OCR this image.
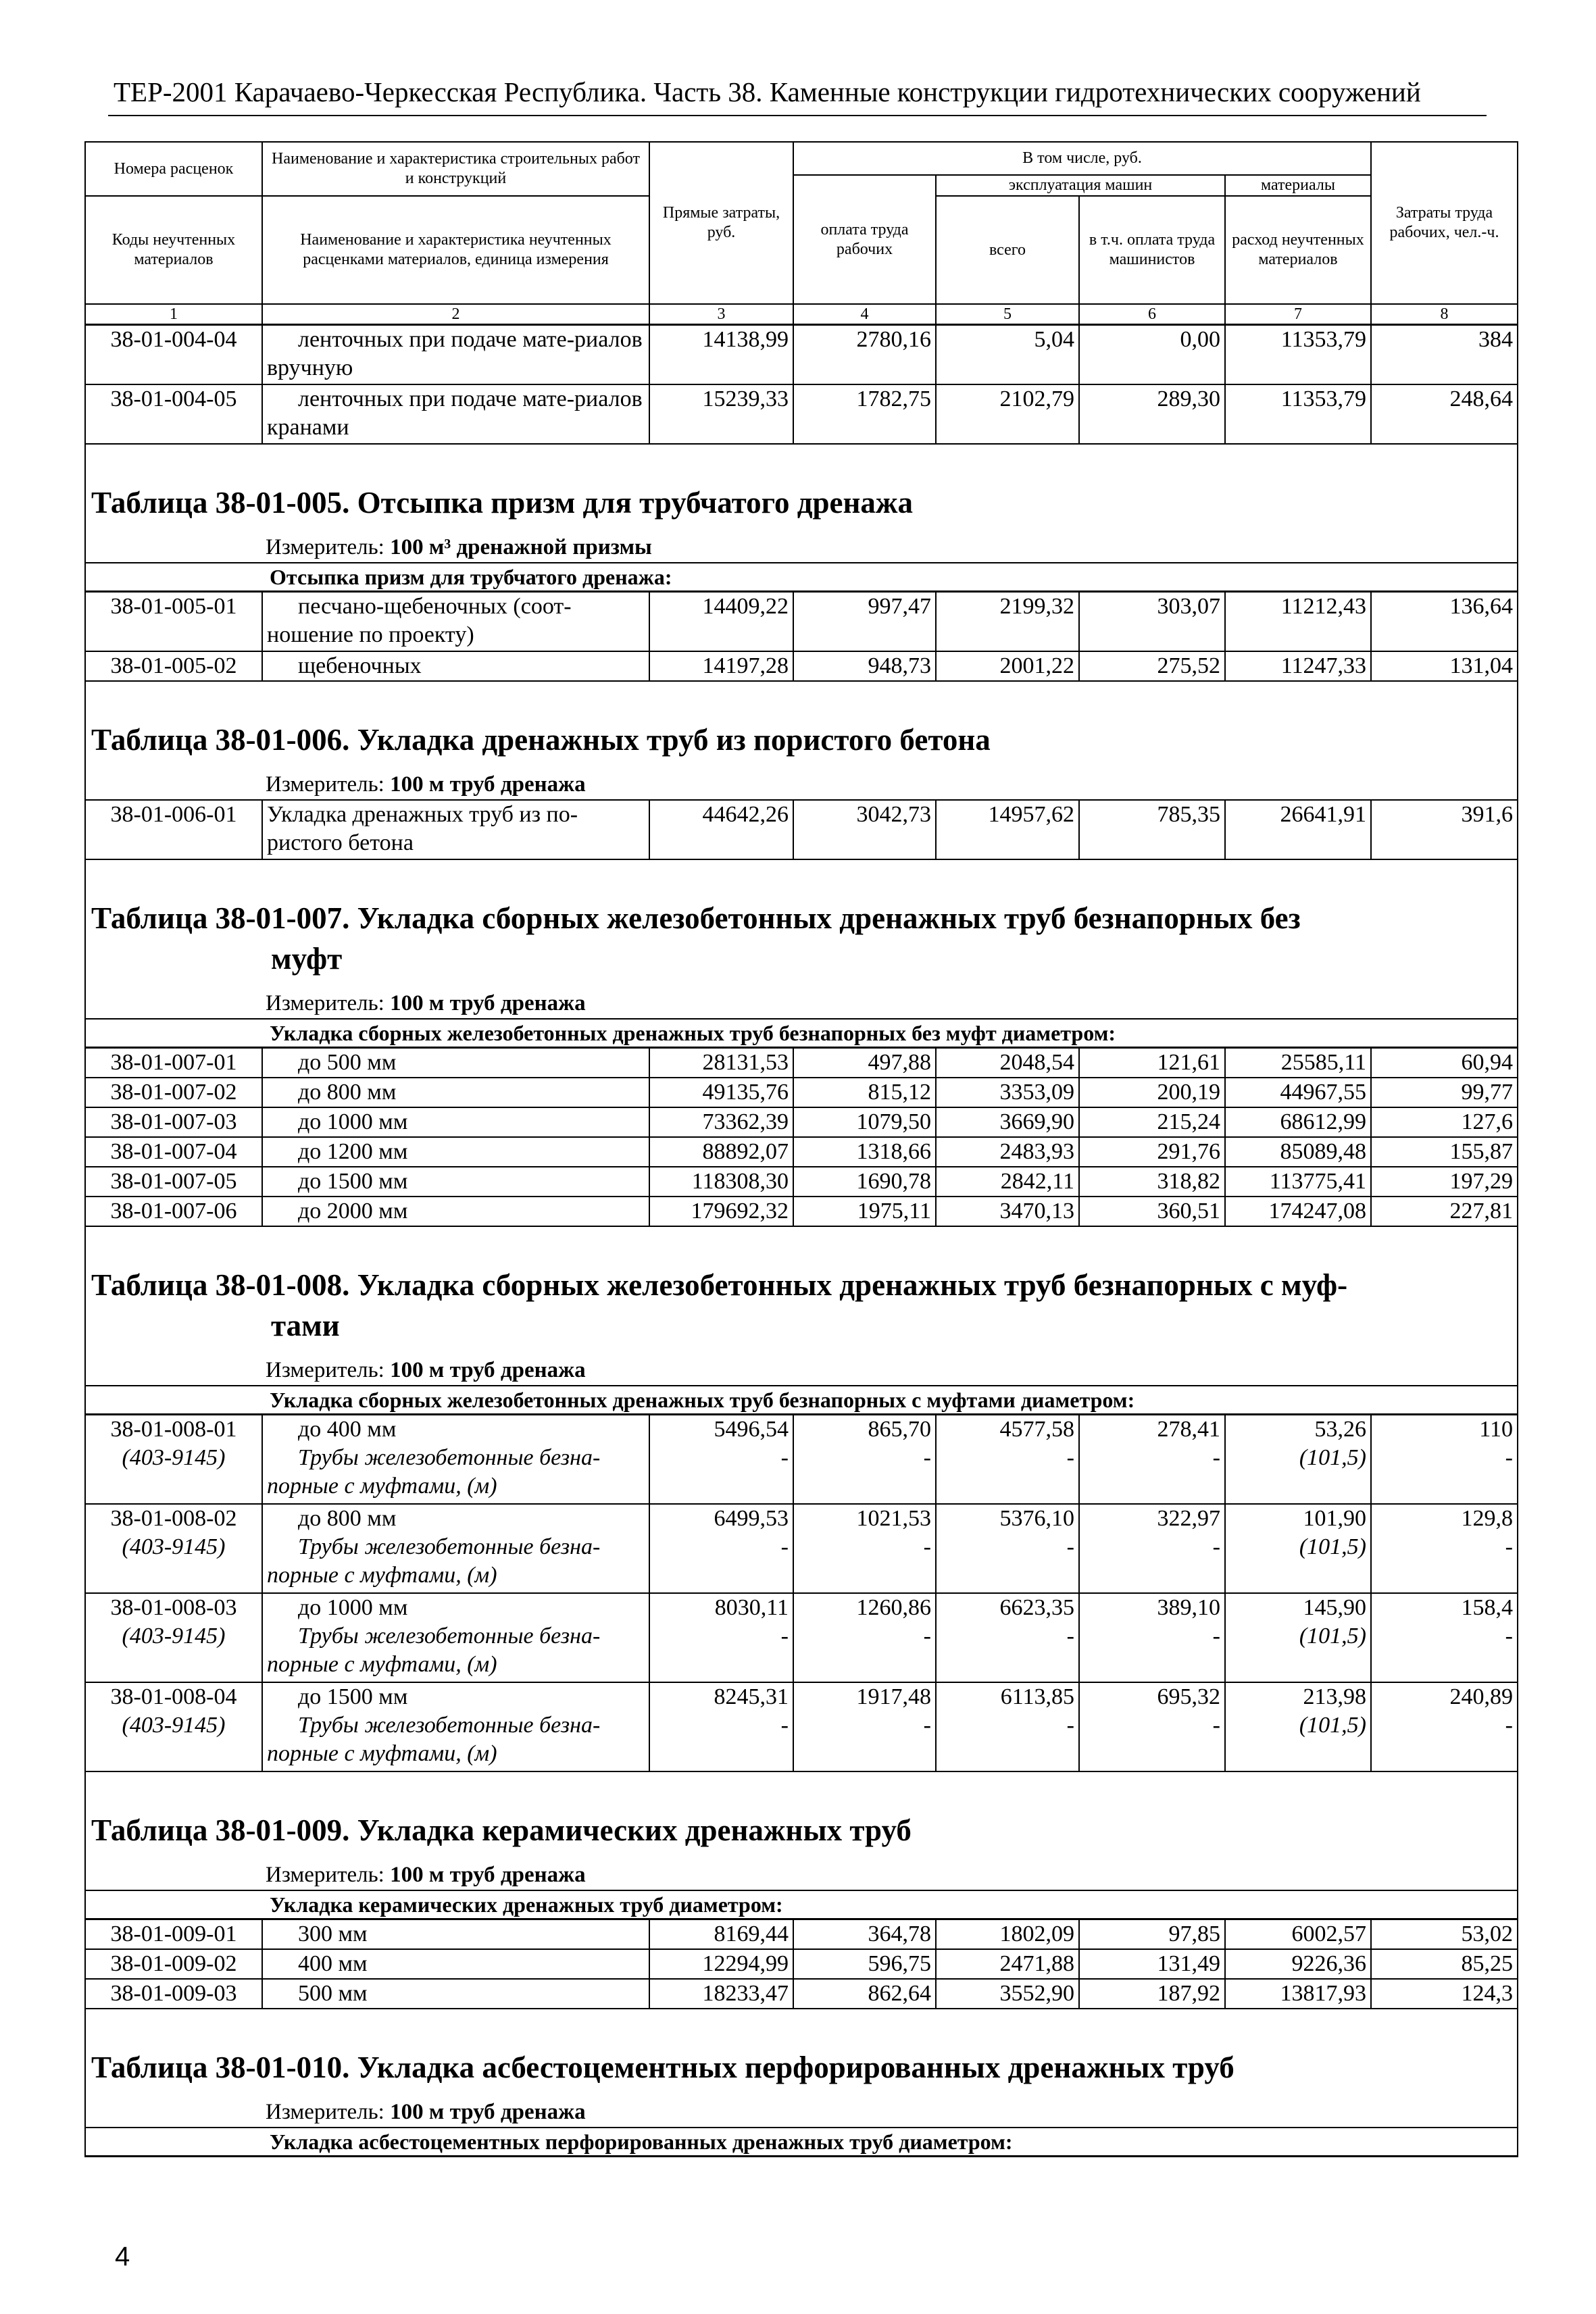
ТЕР-2001 Карачаево-Черкесская Республика. Часть 38. Каменные конструкции гидротехнических сооружений
Номера расценок	Наименование и характеристика строительных работ и конструкций	Прямые затраты, руб.	В том числе, руб.				Затраты труда рабочих, чел.-ч.
			оплата труда рабочих	эксплуатация машин		материалы	
Коды неучтенных материалов	Наименование и характеристика неучтенных расценками материалов, единица измерения			всего	в т.ч. оплата труда машинистов	расход неучтенных материалов	
1	2	3	4	5	6	7	8
38-01-004-04	ленточных при подаче мате-риалов вручную	14138,99	2780,16	5,04	0,00	11353,79	384
38-01-004-05	ленточных при подаче мате-риалов кранами	15239,33	1782,75	2102,79	289,30	11353,79	248,64

Таблица 38-01-005. Отсыпка призм для трубчатого дренажа
Измеритель: 100 м³ дренажной призмы							

Отсыпка призм для трубчатого дренажа:							
38-01-005-01	песчано-щебеночных (соот-ношение по проекту)	14409,22	997,47	2199,32	303,07	11212,43	136,64
38-01-005-02	щебеночных	14197,28	948,73	2001,22	275,52	11247,33	131,04

Таблица 38-01-006. Укладка дренажных труб из пористого бетона
Измеритель: 100 м труб дренажа							

38-01-006-01	Укладка дренажных труб из по-ристого бетона	44642,26	3042,73	14957,62	785,35	26641,91	391,6

Таблица 38-01-007. Укладка сборных железобетонных дренажных труб безнапорных без
муфт
Измеритель: 100 м труб дренажа							

Укладка сборных железобетонных дренажных труб безнапорных без муфт диаметром:							
38-01-007-01	до 500 мм	28131,53	497,88	2048,54	121,61	25585,11	60,94
38-01-007-02	до 800 мм	49135,76	815,12	3353,09	200,19	44967,55	99,77
38-01-007-03	до 1000 мм	73362,39	1079,50	3669,90	215,24	68612,99	127,6
38-01-007-04	до 1200 мм	88892,07	1318,66	2483,93	291,76	85089,48	155,87
38-01-007-05	до 1500 мм	118308,30	1690,78	2842,11	318,82	113775,41	197,29
38-01-007-06	до 2000 мм	179692,32	1975,11	3470,13	360,51	174247,08	227,81

Таблица 38-01-008. Укладка сборных железобетонных дренажных труб безнапорных с муф-
тами
Измеритель: 100 м труб дренажа							

Укладка сборных железобетонных дренажных труб безнапорных с муфтами диаметром:							
38-01-008-01	до 400 мм	5496,54	865,70	4577,58	278,41	53,26	110
(403-9145)	Трубы железобетонные безна-порные с муфтами, (м)	-	-	-	-	(101,5)	-
38-01-008-02	до 800 мм	6499,53	1021,53	5376,10	322,97	101,90	129,8
(403-9145)	Трубы железобетонные безна-порные с муфтами, (м)	-	-	-	-	(101,5)	-
38-01-008-03	до 1000 мм	8030,11	1260,86	6623,35	389,10	145,90	158,4
(403-9145)	Трубы железобетонные безна-порные с муфтами, (м)	-	-	-	-	(101,5)	-
38-01-008-04	до 1500 мм	8245,31	1917,48	6113,85	695,32	213,98	240,89
(403-9145)	Трубы железобетонные безна-порные с муфтами, (м)	-	-	-	-	(101,5)	-

Таблица 38-01-009. Укладка керамических дренажных труб
Измеритель: 100 м труб дренажа							

Укладка керамических дренажных труб диаметром:							
38-01-009-01	300 мм	8169,44	364,78	1802,09	97,85	6002,57	53,02
38-01-009-02	400 мм	12294,99	596,75	2471,88	131,49	9226,36	85,25
38-01-009-03	500 мм	18233,47	862,64	3552,90	187,92	13817,93	124,3

Таблица 38-01-010. Укладка асбестоцементных перфорированных дренажных труб
Измеритель: 100 м труб дренажа							

Укладка асбестоцементных перфорированных дренажных труб диаметром:							
4
